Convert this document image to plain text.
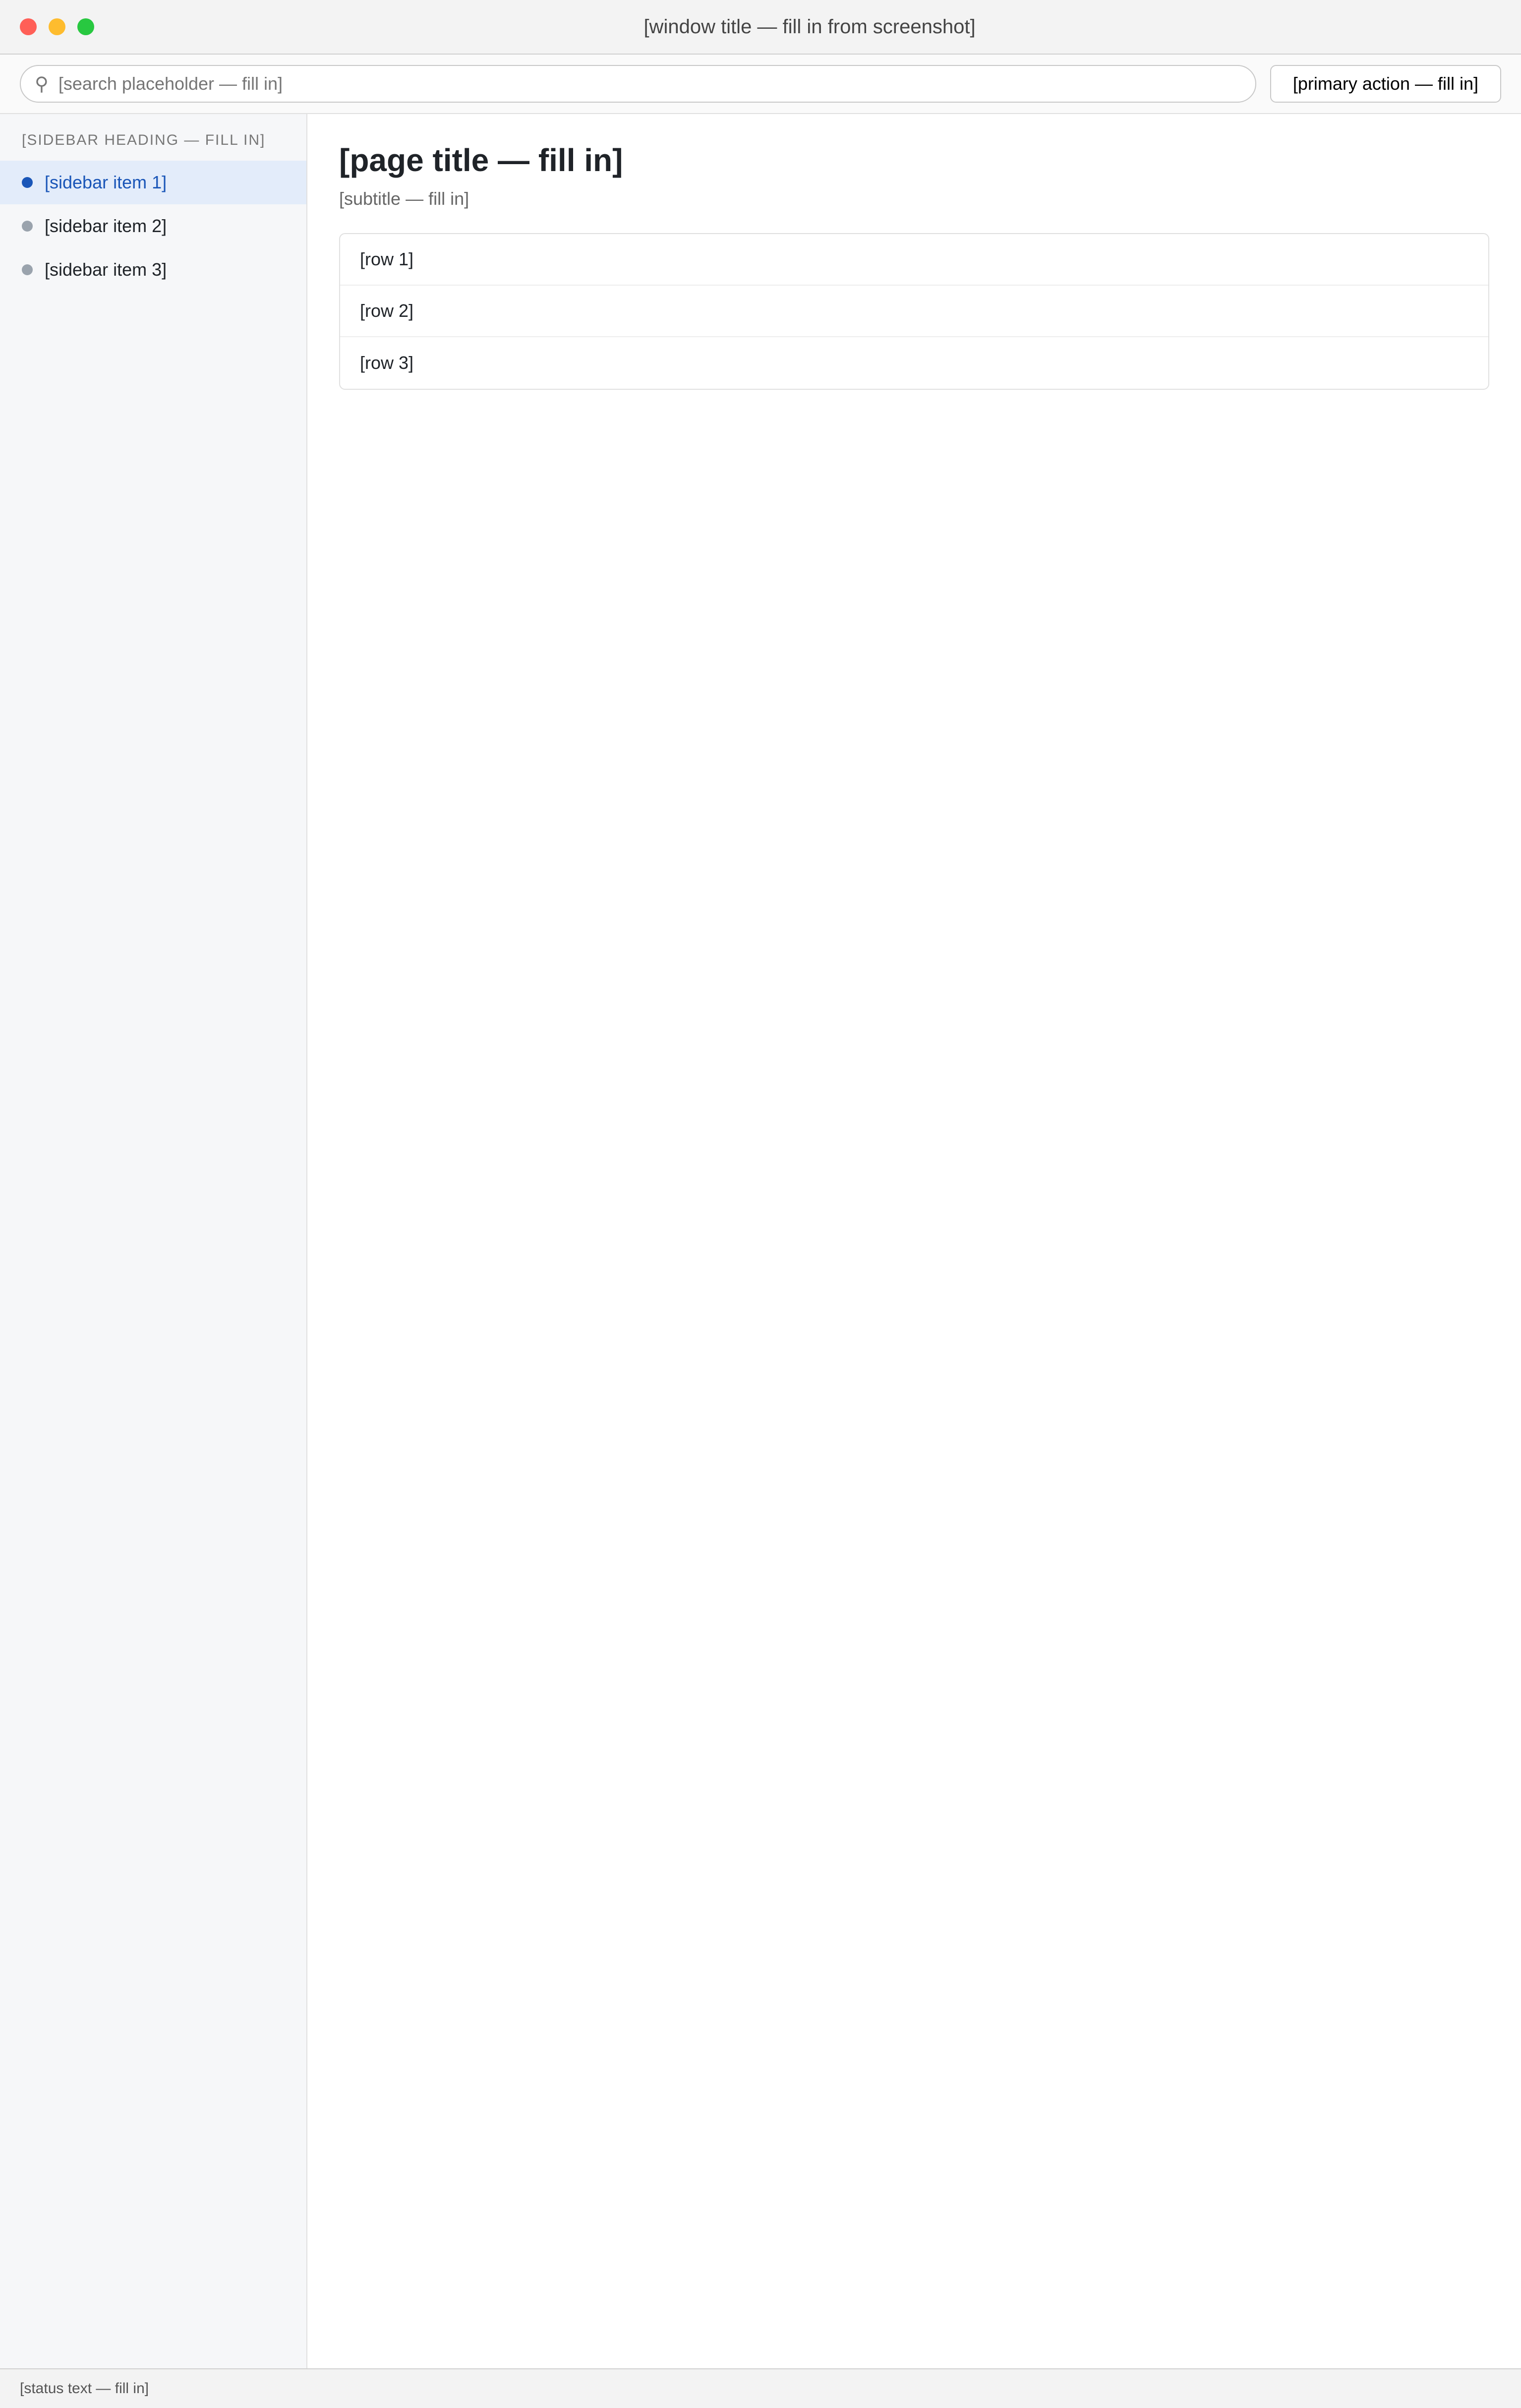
[window title — fill in from screenshot]
⚲
[search placeholder — fill in]	[primary action — fill in]
[SIDEBAR HEADING — FILL IN]
[sidebar item 1]
[sidebar item 2]
[sidebar item 3]
[page title — fill in]

[subtitle — fill in]

[row 1]
[row 2]
[row 3]
[status text — fill in]
